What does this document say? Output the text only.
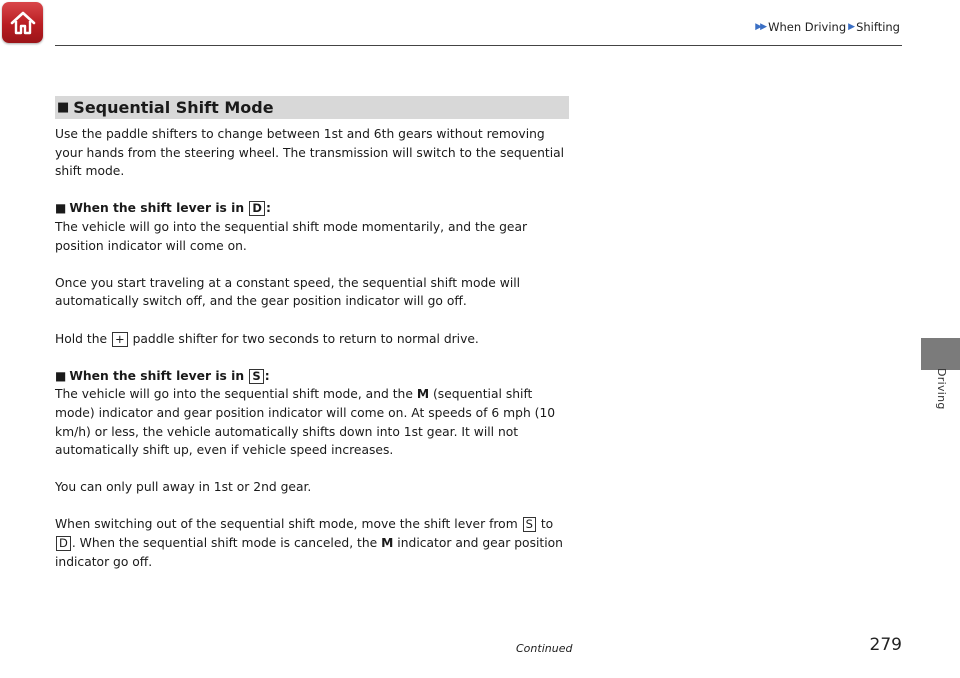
▶
▶ When Driving ▶ Shifting
Driving
■ Sequential Shift Mode

Use the paddle shifters to change between 1st and 6th gears without removing your hands from the steering wheel. The transmission will switch to the sequential shift mode.

■ When the shift lever is in D :

The vehicle will go into the sequential shift mode momentarily, and the gear position indicator will come on.

Once you start traveling at a constant speed, the sequential shift mode will automatically switch off, and the gear position indicator will go off.

Hold the + paddle shifter for two seconds to return to normal drive.

■ When the shift lever is in S :

The vehicle will go into the sequential shift mode, and the M (sequential shift mode) indicator and gear position indicator will come on. At speeds of 6 mph (10 km/h) or less, the vehicle automatically shifts down into 1st gear. It will not automatically shift up, even if vehicle speed increases.

You can only pull away in 1st or 2nd gear.

When switching out of the sequential shift mode, move the shift lever from S to D . When the sequential shift mode is canceled, the M indicator and gear position indicator go off.

Continued	279
